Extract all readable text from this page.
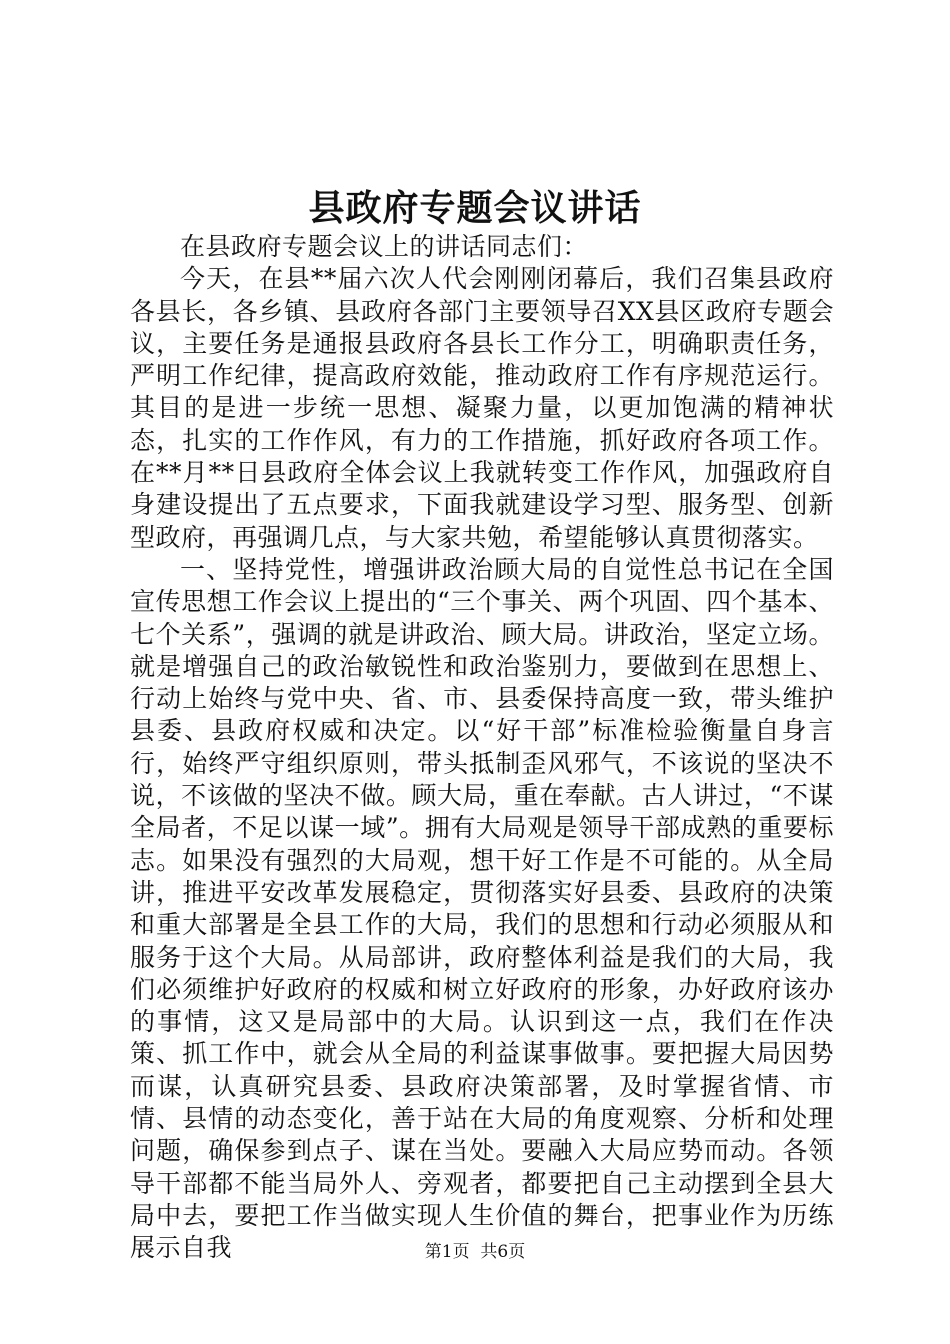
县政府专题会议讲话

在县政府专题会议上的讲话同志们：

今天，在县**届六次人代会刚刚闭幕后，我们召集县政府各县长，各乡镇、县政府各部门主要领导召XX县区政府专题会议，主要任务是通报县政府各县长工作分工，明确职责任务，严明工作纪律，提高政府效能，推动政府工作有序规范运行。其目的是进一步统一思想、凝聚力量，以更加饱满的精神状态，扎实的工作作风，有力的工作措施，抓好政府各项工作。在**月**日县政府全体会议上我就转变工作作风，加强政府自身建设提出了五点要求，下面我就建设学习型、服务型、创新型政府，再强调几点，与大家共勉，希望能够认真贯彻落实。

一、坚持党性，增强讲政治顾大局的自觉性总书记在全国宣传思想工作会议上提出的“三个事关、两个巩固、四个基本、七个关系”，强调的就是讲政治、顾大局。讲政治，坚定立场。就是增强自己的政治敏锐性和政治鉴别力，要做到在思想上、行动上始终与党中央、省、市、县委保持高度一致，带头维护县委、县政府权威和决定。以“好干部”标准检验衡量自身言行，始终严守组织原则，带头抵制歪风邪气，不该说的坚决不说，不该做的坚决不做。顾大局，重在奉献。古人讲过，“不谋全局者，不足以谋一域”。拥有大局观是领导干部成熟的重要标志。如果没有强烈的大局观，想干好工作是不可能的。从全局讲，推进平安改革发展稳定，贯彻落实好县委、县政府的决策和重大部署是全县工作的大局，我们的思想和行动必须服从和服务于这个大局。从局部讲，政府整体利益是我们的大局，我们必须维护好政府的权威和树立好政府的形象，办好政府该办的事情，这又是局部中的大局。认识到这一点，我们在作决策、抓工作中，就会从全局的利益谋事做事。要把握大局因势而谋，认真研究县委、县政府决策部署，及时掌握省情、市情、县情的动态变化，善于站在大局的角度观察、分析和处理问题，确保参到点子、谋在当处。要融入大局应势而动。各领导干部都不能当局外人、旁观者，都要把自己主动摆到全县大局中去，要把工作当做实现人生价值的舞台，把事业作为历练展示自我	第1页  共6页
